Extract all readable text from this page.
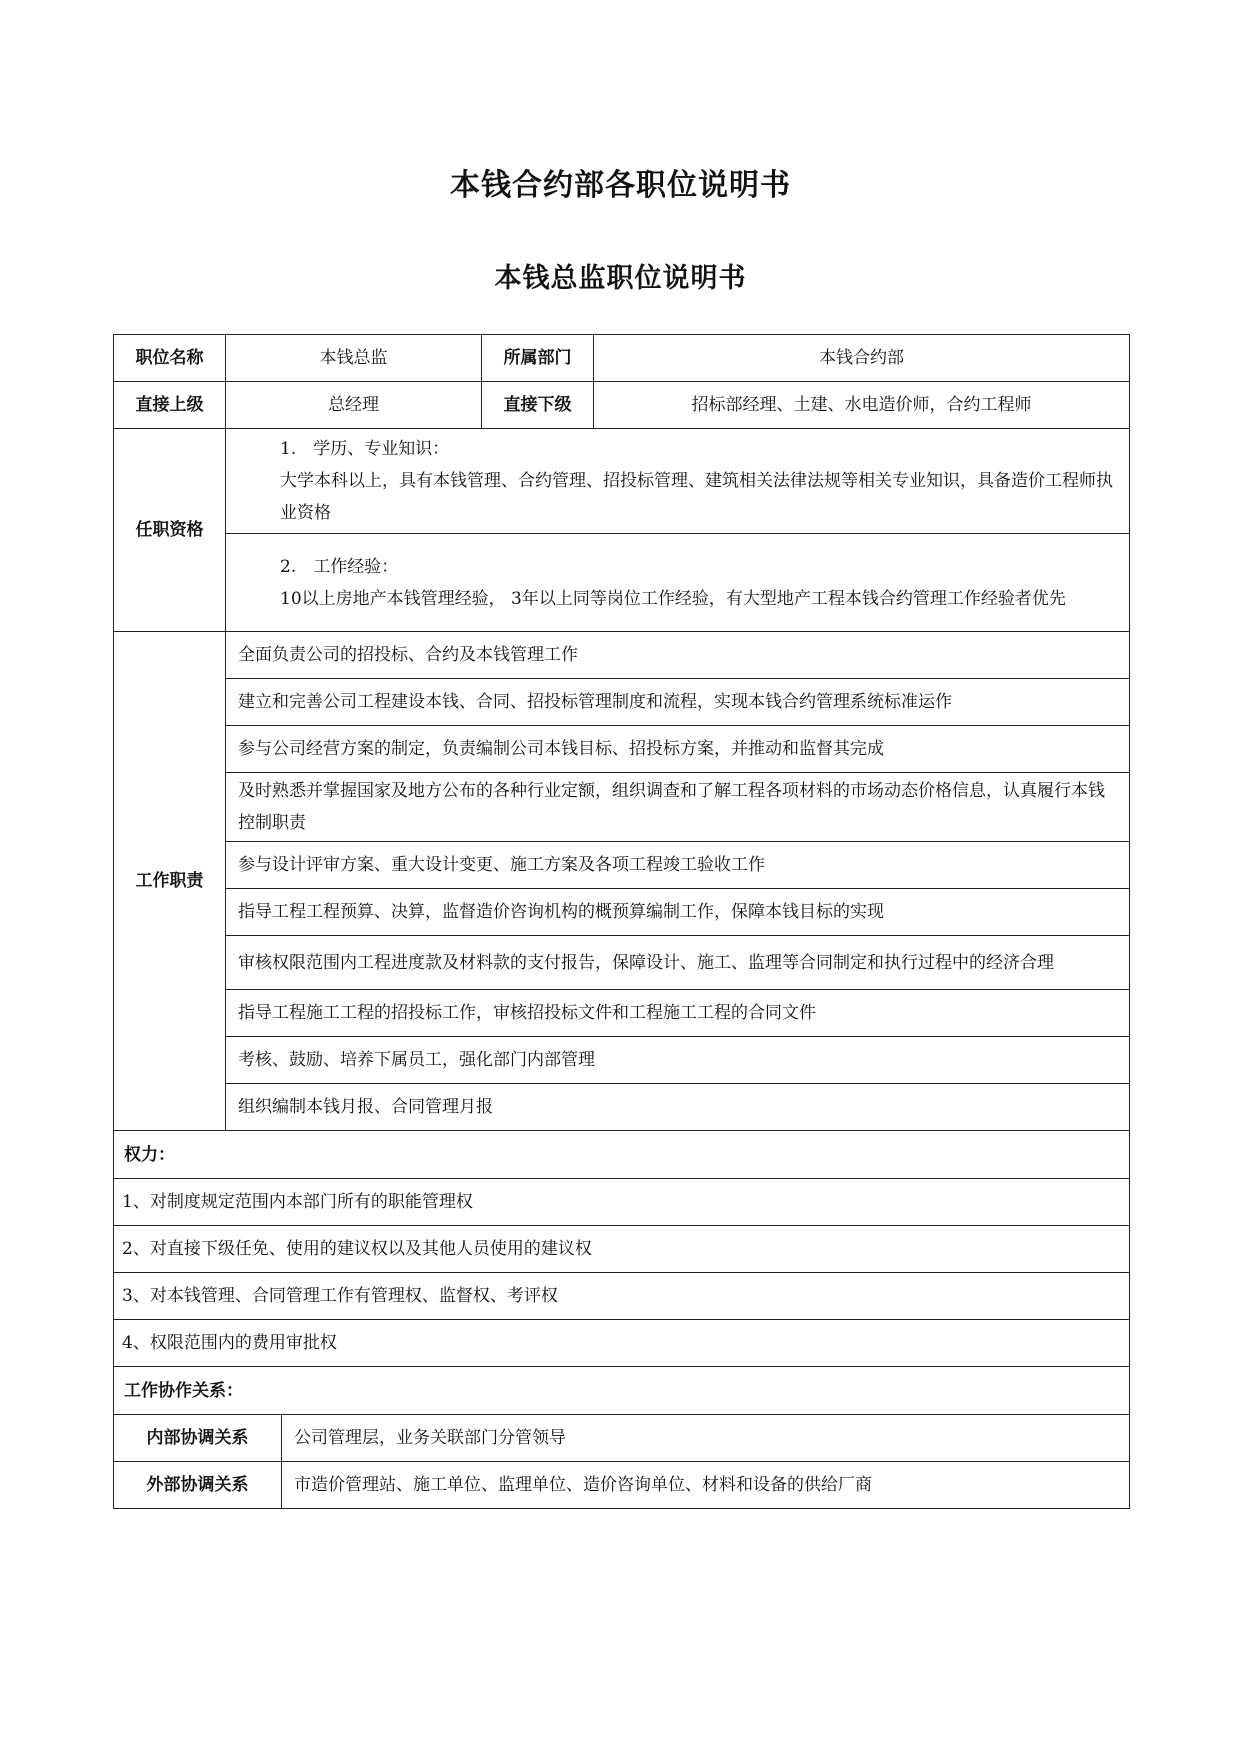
本钱合约部各职位说明书
本钱总监职位说明书
职位名称	本钱总监		所属部门	本钱合约部
直接上级	总经理		直接下级	招标部经理、土建、水电造价师，合约工程师
任职资格	1.　学历、专业知识：
大学本科以上，具有本钱管理、合约管理、招投标管理、建筑相关法律法规等相关专业知识，具备造价工程师执业资格			

	2.　工作经验：
10以上房地产本钱管理经验， 3年以上同等岗位工作经验，有大型地产工程本钱合约管理工作经验者优先			

工作职责	全面负责公司的招投标、合约及本钱管理工作			
	建立和完善公司工程建设本钱、合同、招投标管理制度和流程，实现本钱合约管理系统标准运作			
	参与公司经营方案的制定，负责编制公司本钱目标、招投标方案，并推动和监督其完成			
	及时熟悉并掌握国家及地方公布的各种行业定额，组织调查和了解工程各项材料的市场动态价格信息，认真履行本钱控制职责			
	参与设计评审方案、重大设计变更、施工方案及各项工程竣工验收工作			
	指导工程工程预算、决算，监督造价咨询机构的概预算编制工作，保障本钱目标的实现			
	审核权限范围内工程进度款及材料款的支付报告，保障设计、施工、监理等合同制定和执行过程中的经济合理			
	指导工程施工工程的招投标工作，审核招投标文件和工程施工工程的合同文件			
	考核、鼓励、培养下属员工，强化部门内部管理			
	组织编制本钱月报、合同管理月报			
权力：				
1、对制度规定范围内本部门所有的职能管理权				
2、对直接下级任免、使用的建议权以及其他人员使用的建议权				
3、对本钱管理、合同管理工作有管理权、监督权、考评权				
4、权限范围内的费用审批权				
工作协作关系：				
内部协调关系		公司管理层，业务关联部门分管领导		
外部协调关系		市造价管理站、施工单位、监理单位、造价咨询单位、材料和设备的供给厂商		
